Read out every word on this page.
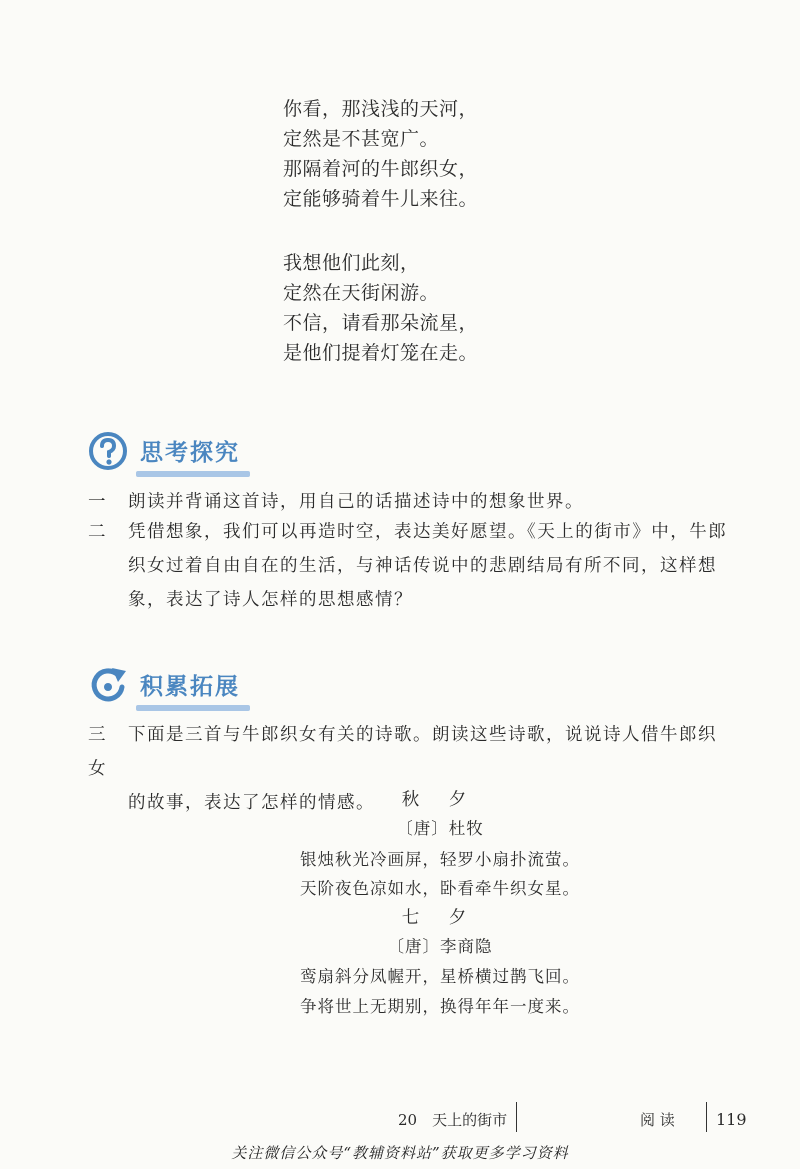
你看，那浅浅的天河，
定然是不甚宽广。
那隔着河的牛郎织女，
定能够骑着牛儿来往。
我想他们此刻，
定然在天街闲游。
不信，请看那朵流星，
是他们提着灯笼在走。
思考探究
一 朗读并背诵这首诗，用自己的话描述诗中的想象世界。
二 凭借想象，我们可以再造时空，表达美好愿望。《天上的街市》中，牛郎
织女过着自由自在的生活，与神话传说中的悲剧结局有所不同，这样想
象，表达了诗人怎样的思想感情？
积累拓展
三 下面是三首与牛郎织女有关的诗歌。朗读这些诗歌，说说诗人借牛郎织女
的故事，表达了怎样的情感。	秋 夕
〔唐〕杜牧
银烛秋光冷画屏，轻罗小扇扑流萤。
天阶夜色凉如水，卧看牵牛织女星。
七 夕
〔唐〕李商隐
鸾扇斜分凤幄开，星桥横过鹊飞回。
争将世上无期别，换得年年一度来。
20　天上的街市	阅 读	119
关注微信公众号“教辅资料站”获取更多学习资料
